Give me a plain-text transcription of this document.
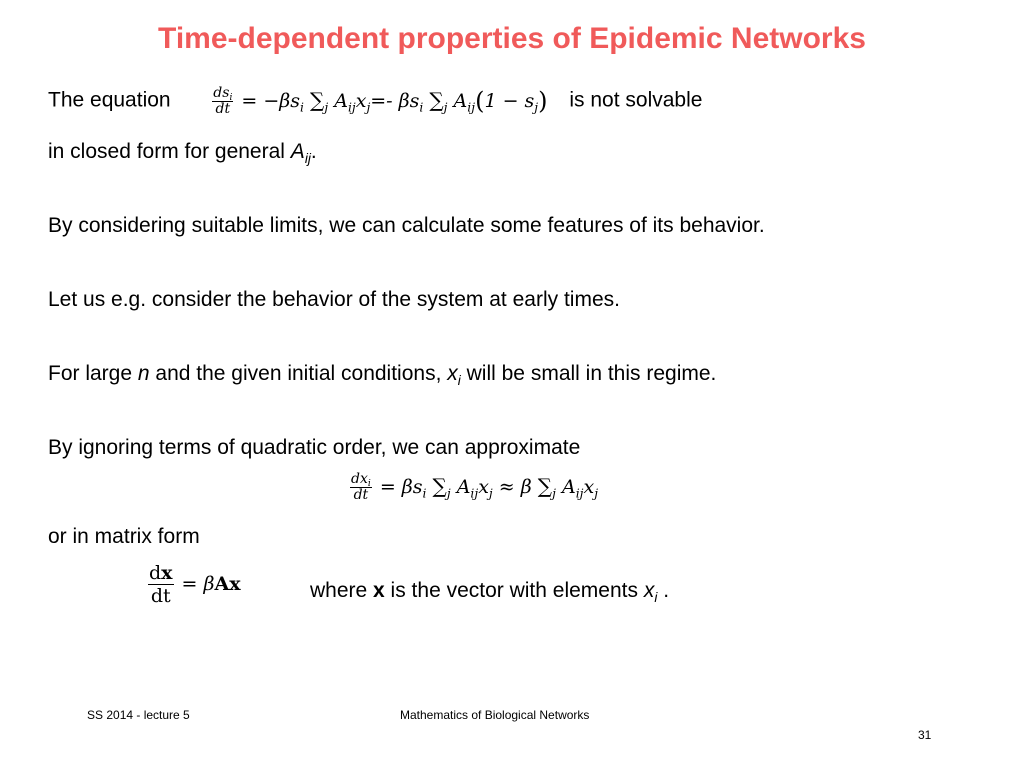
Time-dependent properties of Epidemic Networks
The equation	$\frac{ds_i}{dt} = -\beta s_i$ $\sum_j$ $A_{ij}x_j=-$ $\beta s_i$ $\sum_j$ $A_{ij}(1 - s_j)$ is not solvable
in closed form for general $A_{ij}$.
By considering suitable limits, we can calculate some features of its behavior.
Let us e.g. consider the behavior of the system at early times.
For large n and the given initial conditions, $x_i$ will be small in this regime.
By ignoring terms of quadratic order, we can approximate
$\frac{dx_i}{dt} = \beta s_i$ $\sum_j$ $A_{ij}x_j \approx \beta$ $\sum_j$ $A_{ij}x_j$
or in matrix form
$\frac{dx}{dt} = \beta Ax$	where x is the vector with elements $x_i$ .
SS 2014 - lecture 5	Mathematics of Biological Networks
31
